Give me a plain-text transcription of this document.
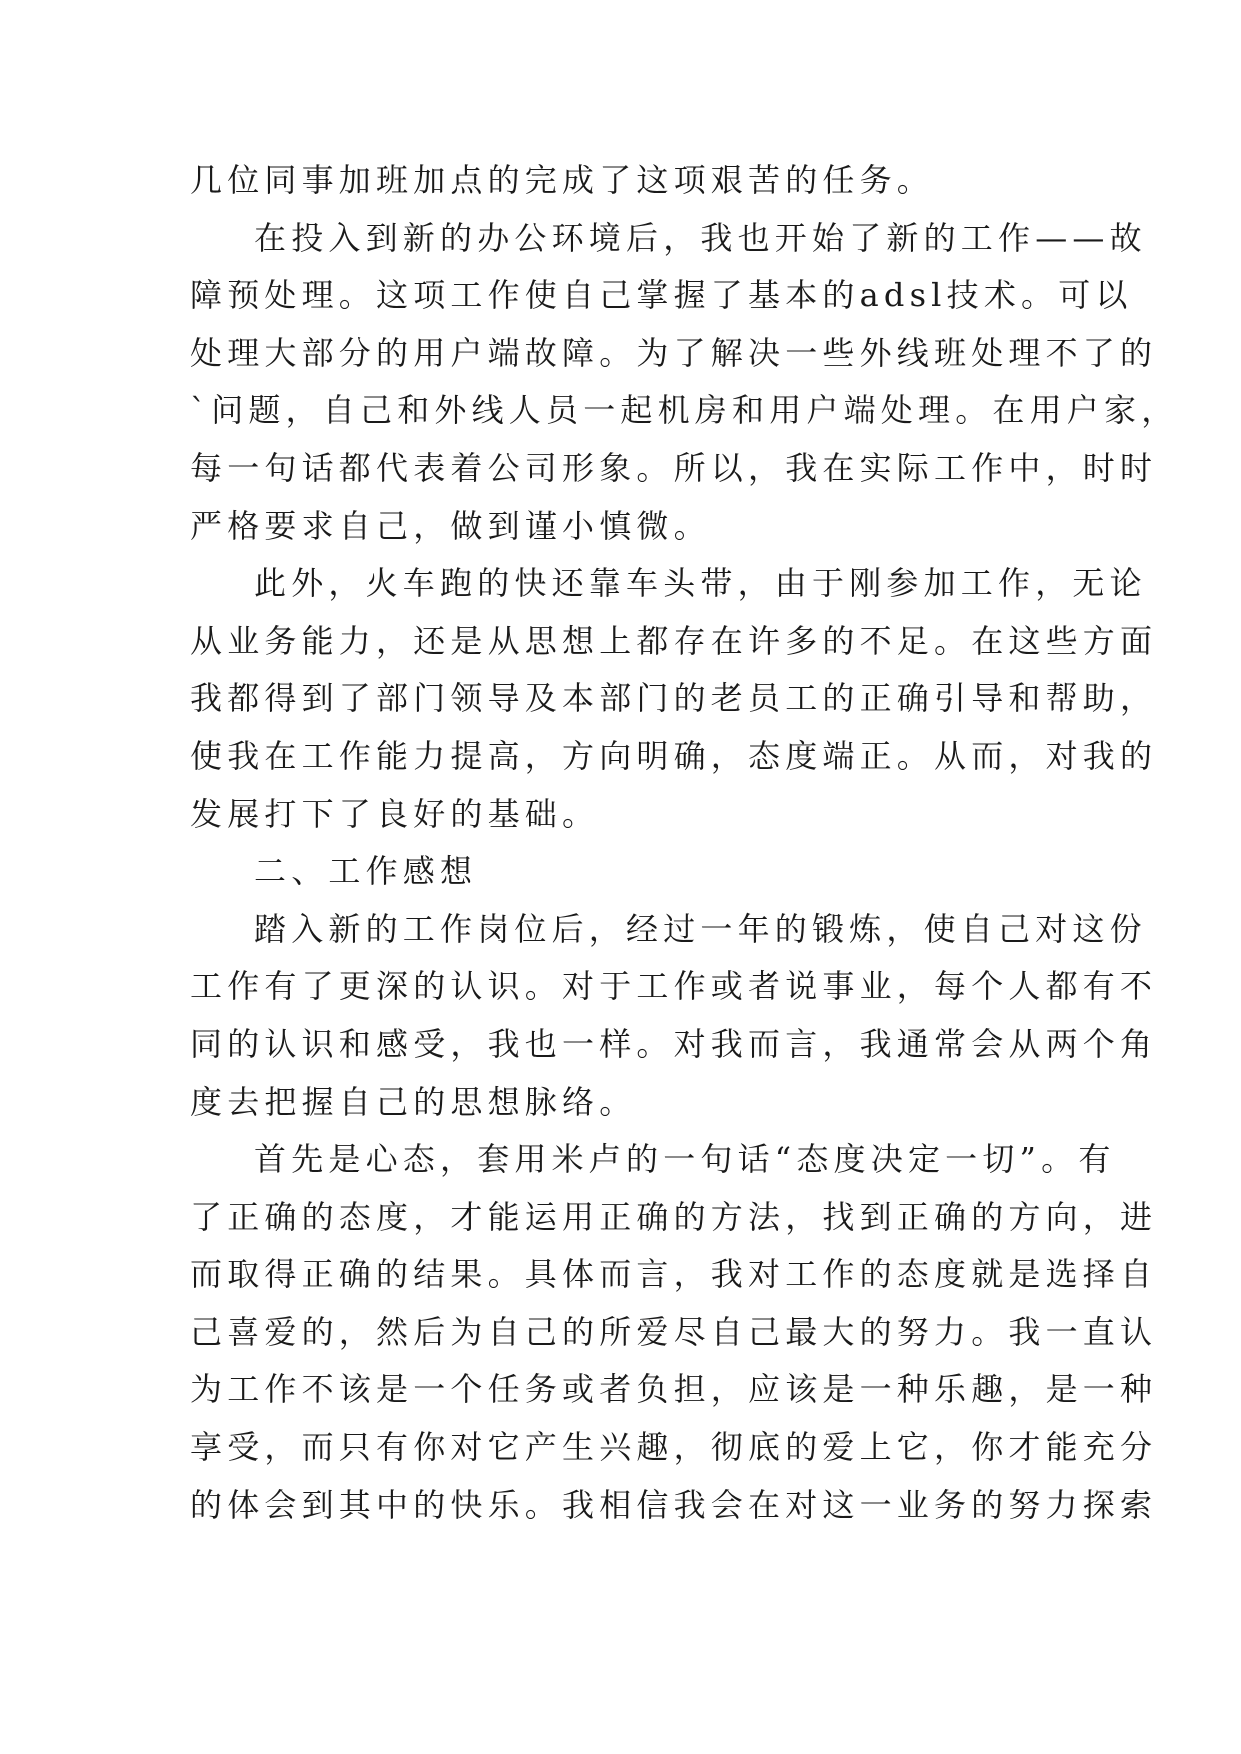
几位同事加班加点的完成了这项艰苦的任务。
在投入到新的办公环境后，我也开始了新的工作——故
障预处理。这项工作使自己掌握了基本的adsl技术。可以
处理大部分的用户端故障。为了解决一些外线班处理不了的
`问题，自己和外线人员一起机房和用户端处理。在用户家，
每一句话都代表着公司形象。所以，我在实际工作中，时时
严格要求自己，做到谨小慎微。
此外，火车跑的快还靠车头带，由于刚参加工作，无论
从业务能力，还是从思想上都存在许多的不足。在这些方面
我都得到了部门领导及本部门的老员工的正确引导和帮助，
使我在工作能力提高，方向明确，态度端正。从而，对我的
发展打下了良好的基础。
二、工作感想
踏入新的工作岗位后，经过一年的锻炼，使自己对这份
工作有了更深的认识。对于工作或者说事业，每个人都有不
同的认识和感受，我也一样。对我而言，我通常会从两个角
度去把握自己的思想脉络。
首先是心态，套用米卢的一句话“态度决定一切”。有
了正确的态度，才能运用正确的方法，找到正确的方向，进
而取得正确的结果。具体而言，我对工作的态度就是选择自
己喜爱的，然后为自己的所爱尽自己最大的努力。我一直认
为工作不该是一个任务或者负担，应该是一种乐趣，是一种
享受，而只有你对它产生兴趣，彻底的爱上它，你才能充分
的体会到其中的快乐。我相信我会在对这一业务的努力探索
